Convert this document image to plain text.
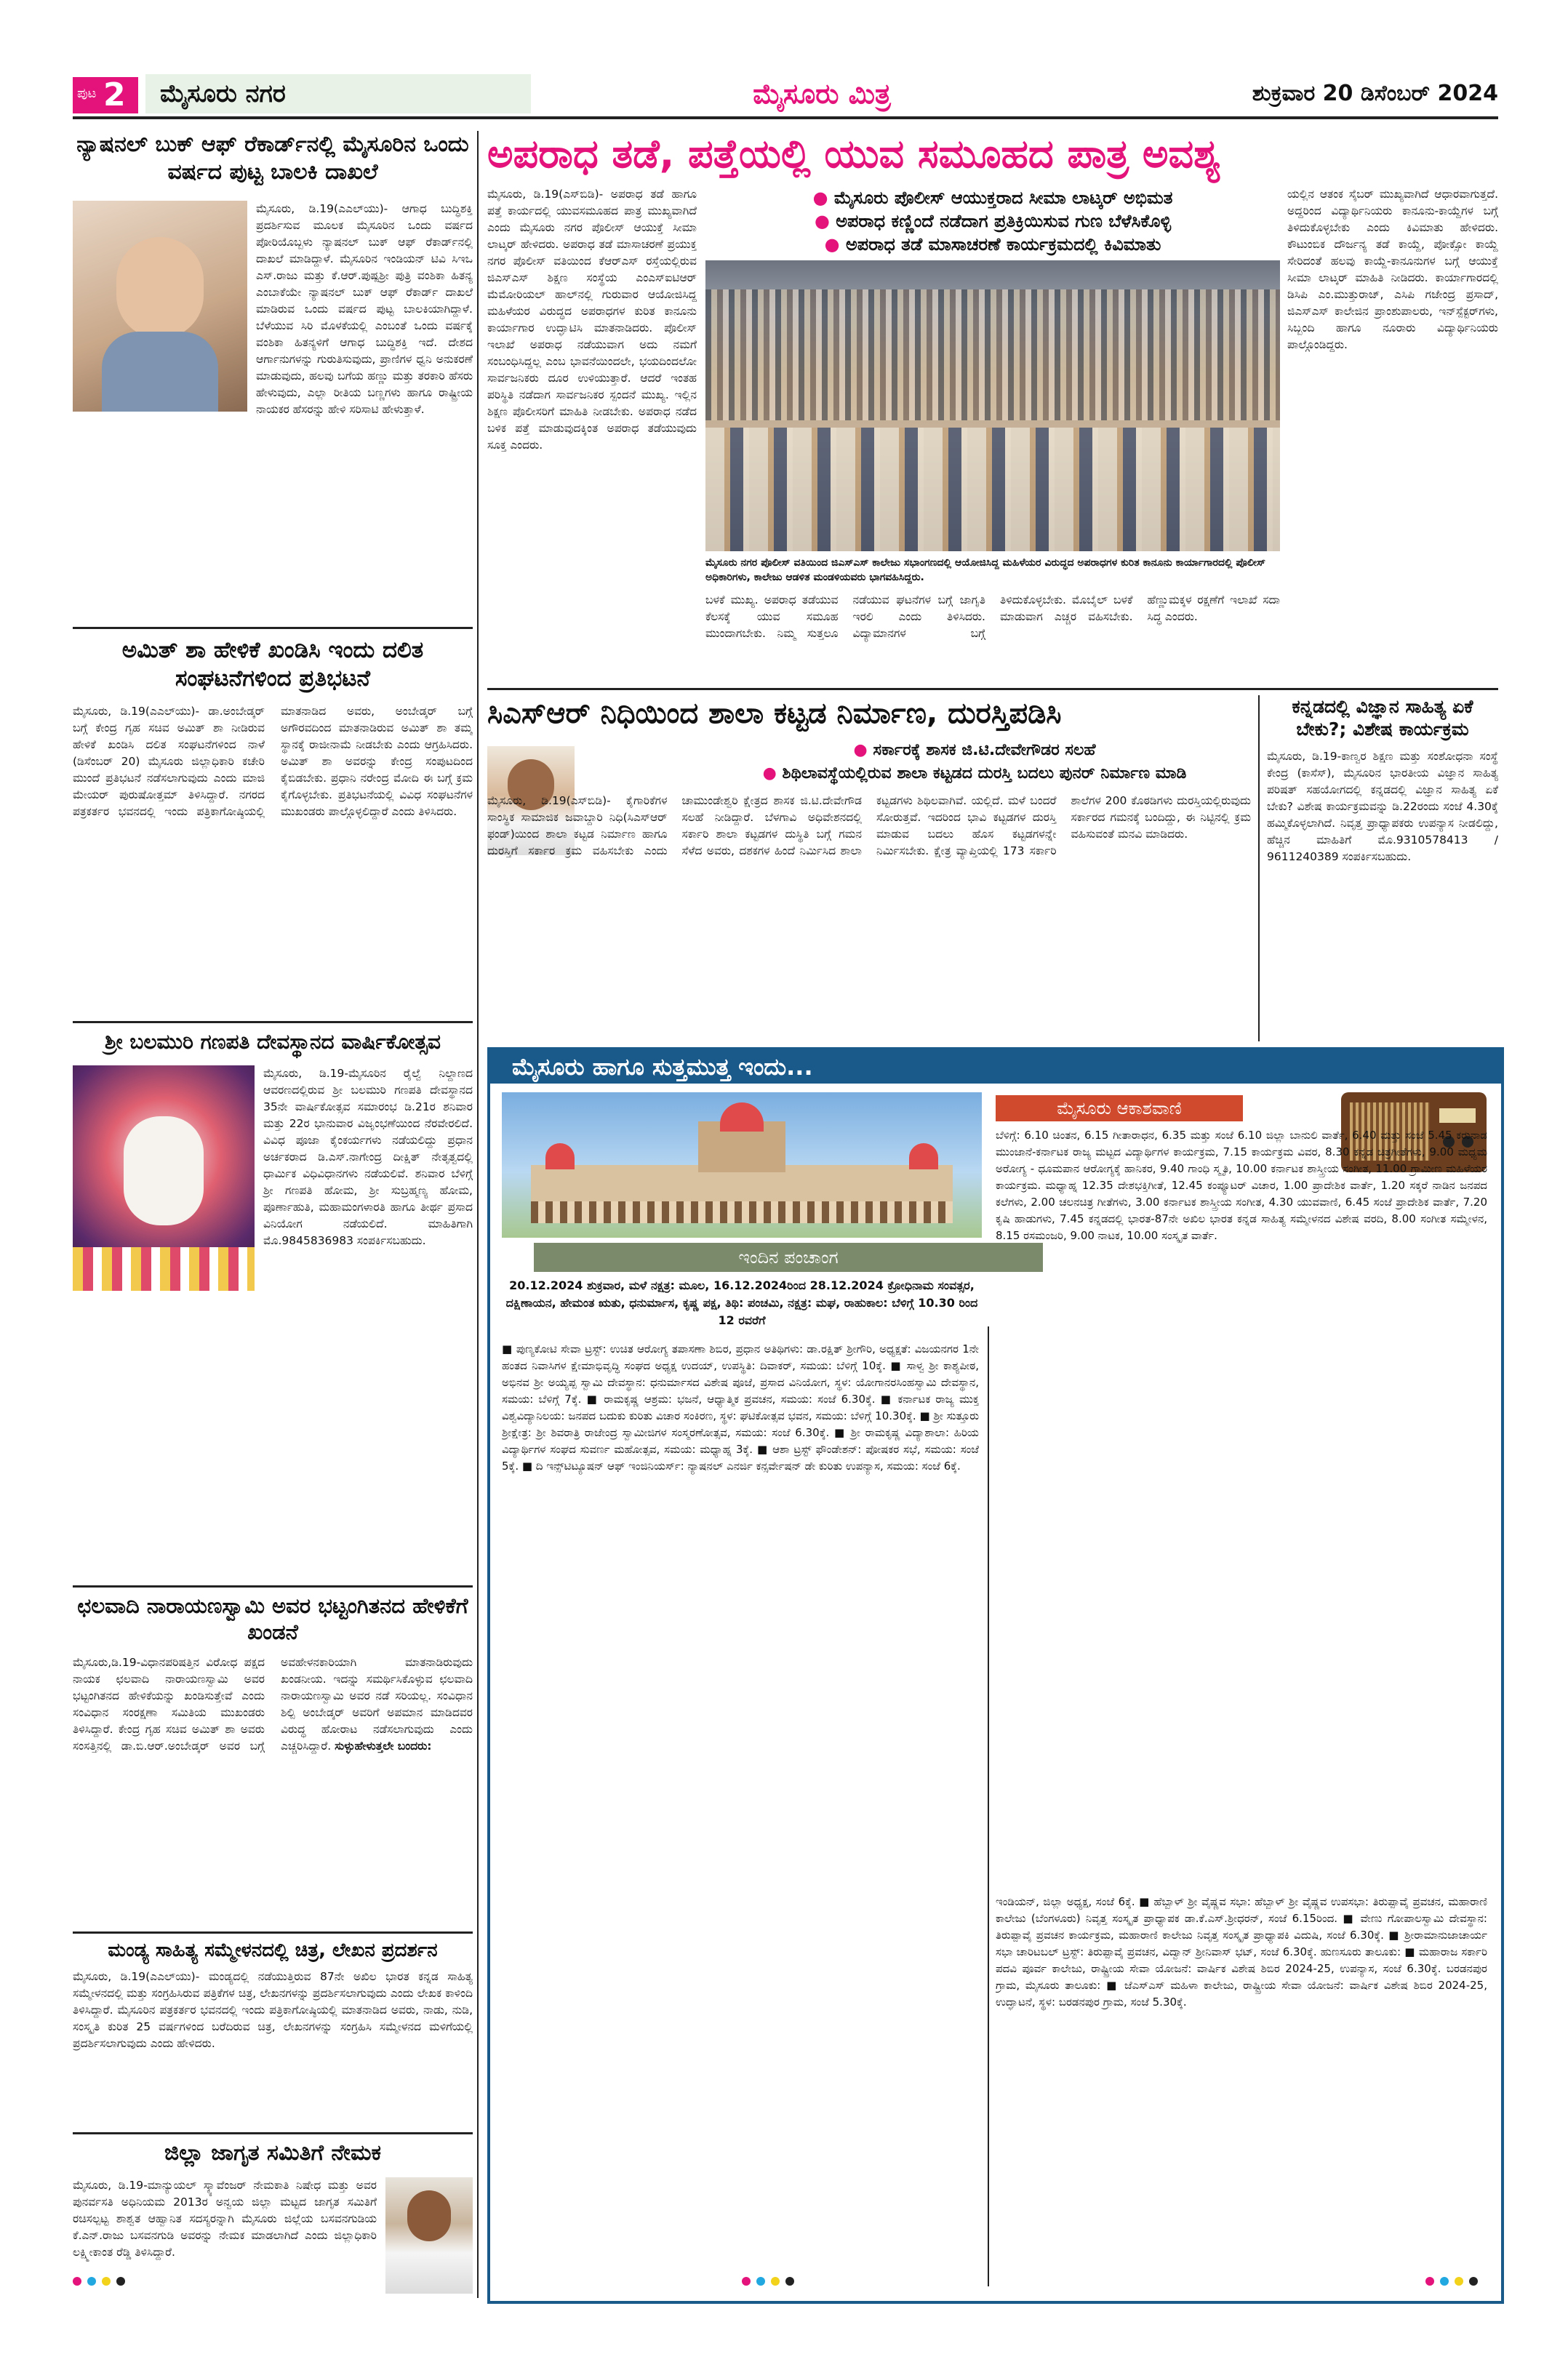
ಪುಟ 2	ಮೈಸೂರು ನಗರ	ಮೈಸೂರು ಮಿತ್ರ	ಶುಕ್ರವಾರ 20 ಡಿಸೆಂಬರ್ 2024

ನ್ಯಾಷನಲ್ ಬುಕ್ ಆಫ್ ರೆಕಾರ್ಡ್‌ನಲ್ಲಿ ಮೈಸೂರಿನ ಒಂದು ವರ್ಷದ ಪುಟ್ಟ ಬಾಲಕಿ ದಾಖಲೆ

ಮೈಸೂರು, ಡಿ.19(ಎಎಲ್‌ಯು)- ಆಗಾಧ ಬುದ್ಧಿಶಕ್ತಿ ಪ್ರದರ್ಶಿಸುವ ಮೂಲಕ ಮೈಸೂರಿನ ಒಂದು ವರ್ಷದ ಪೋರಿಯೊಬ್ಬಳು ನ್ಯಾಷನಲ್ ಬುಕ್ ಆಫ್ ರೆಕಾರ್ಡ್‌ನಲ್ಲಿ ದಾಖಲೆ ಮಾಡಿದ್ದಾಳೆ. ಮೈಸೂರಿನ ಇಂಡಿಯನ್ ಟಿವಿ ಸಿಇಒ ಎಸ್.ರಾಜು ಮತ್ತು ಕೆ.ಆರ್.ಪುಷ್ಪಶ್ರೀ ಪುತ್ರಿ ವಂಶಿಕಾ ಹಿತನ್ಯ ಎಂಬಾಕೆಯೇ ನ್ಯಾಷನಲ್ ಬುಕ್ ಆಫ್ ರೆಕಾರ್ಡ್ ದಾಖಲೆ ಮಾಡಿರುವ ಒಂದು ವರ್ಷದ ಪುಟ್ಟ ಬಾಲಕಿಯಾಗಿದ್ದಾಳೆ. ಬೆಳೆಯುವ ಸಿರಿ ಮೊಳಕೆಯಲ್ಲಿ ಎಂಬಂತೆ ಒಂದು ವರ್ಷಕ್ಕೆ ವಂಶಿಕಾ ಹಿತನ್ಯಳಿಗೆ ಆಗಾಧ ಬುದ್ಧಿಶಕ್ತಿ ಇದೆ. ದೇಶದ ಆರ್ಗಾನುಗಳನ್ನು ಗುರುತಿಸುವುದು, ಪ್ರಾಣಿಗಳ ಧ್ವನಿ ಅನುಕರಣೆ ಮಾಡುವುದು, ಹಲವು ಬಗೆಯ ಹಣ್ಣು ಮತ್ತು ತರಕಾರಿ ಹೆಸರು ಹೇಳುವುದು, ಎಲ್ಲಾ ರೀತಿಯ ಬಣ್ಣಗಳು ಹಾಗೂ ರಾಷ್ಟ್ರೀಯ ನಾಯಕರ ಹೆಸರನ್ನು ಹೇಳಿ ಸರಿಸಾಟಿ ಹೇಳುತ್ತಾಳೆ.

ಅಮಿತ್ ಶಾ ಹೇಳಿಕೆ ಖಂಡಿಸಿ ಇಂದು ದಲಿತ ಸಂಘಟನೆಗಳಿಂದ ಪ್ರತಿಭಟನೆ

ಮೈಸೂರು, ಡಿ.19(ಎಎಲ್‌ಯು)- ಡಾ.ಅಂಬೇಡ್ಕರ್ ಬಗ್ಗೆ ಕೇಂದ್ರ ಗೃಹ ಸಚಿವ ಅಮಿತ್ ಶಾ ನೀಡಿರುವ ಹೇಳಿಕೆ ಖಂಡಿಸಿ ದಲಿತ ಸಂಘಟನೆಗಳಿಂದ ನಾಳೆ (ಡಿಸೆಂಬರ್ 20) ಮೈಸೂರು ಜಿಲ್ಲಾಧಿಕಾರಿ ಕಚೇರಿ ಮುಂದೆ ಪ್ರತಿಭಟನೆ ನಡೆಸಲಾಗುವುದು ಎಂದು ಮಾಜಿ ಮೇಯರ್ ಪುರುಷೋತ್ತಮ್ ತಿಳಿಸಿದ್ದಾರೆ. ನಗರದ ಪತ್ರಕರ್ತರ ಭವನದಲ್ಲಿ ಇಂದು ಪತ್ರಿಕಾಗೋಷ್ಠಿಯಲ್ಲಿ ಮಾತನಾಡಿದ ಅವರು, ಅಂಬೇಡ್ಕರ್ ಬಗ್ಗೆ ಅಗೌರವದಿಂದ ಮಾತನಾಡಿರುವ ಅಮಿತ್ ಶಾ ತಮ್ಮ ಸ್ಥಾನಕ್ಕೆ ರಾಜೀನಾಮೆ ನೀಡಬೇಕು ಎಂದು ಆಗ್ರಹಿಸಿದರು. ಅಮಿತ್ ಶಾ ಅವರನ್ನು ಕೇಂದ್ರ ಸಂಪುಟದಿಂದ ಕೈಬಿಡಬೇಕು. ಪ್ರಧಾನಿ ನರೇಂದ್ರ ಮೋದಿ ಈ ಬಗ್ಗೆ ಕ್ರಮ ಕೈಗೊಳ್ಳಬೇಕು. ಪ್ರತಿಭಟನೆಯಲ್ಲಿ ವಿವಿಧ ಸಂಘಟನೆಗಳ ಮುಖಂಡರು ಪಾಲ್ಗೊಳ್ಳಲಿದ್ದಾರೆ ಎಂದು ತಿಳಿಸಿದರು.

ಶ್ರೀ ಬಲಮುರಿ ಗಣಪತಿ ದೇವಸ್ಥಾನದ ವಾರ್ಷಿಕೋತ್ಸವ

ಮೈಸೂರು, ಡಿ.19-ಮೈಸೂರಿನ ರೈಲ್ವೆ ನಿಲ್ದಾಣದ ಆವರಣದಲ್ಲಿರುವ ಶ್ರೀ ಬಲಮುರಿ ಗಣಪತಿ ದೇವಸ್ಥಾನದ 35ನೇ ವಾರ್ಷಿಕೋತ್ಸವ ಸಮಾರಂಭ ಡಿ.21ರ ಶನಿವಾರ ಮತ್ತು 22ರ ಭಾನುವಾರ ವಿಜೃಂಭಣೆಯಿಂದ ನೆರವೇರಲಿದೆ. ವಿವಿಧ ಪೂಜಾ ಕೈಂಕರ್ಯಗಳು ನಡೆಯಲಿದ್ದು ಪ್ರಧಾನ ಅರ್ಚಕರಾದ ಡಿ.ಎಸ್.ನಾಗೇಂದ್ರ ದೀಕ್ಷಿತ್ ನೇತೃತ್ವದಲ್ಲಿ ಧಾರ್ಮಿಕ ವಿಧಿವಿಧಾನಗಳು ನಡೆಯಲಿವೆ. ಶನಿವಾರ ಬೆಳಿಗ್ಗೆ ಶ್ರೀ ಗಣಪತಿ ಹೋಮ, ಶ್ರೀ ಸುಬ್ರಹ್ಮಣ್ಯ ಹೋಮ, ಪೂರ್ಣಾಹುತಿ, ಮಹಾಮಂಗಳಾರತಿ ಹಾಗೂ ತೀರ್ಥ ಪ್ರಸಾದ ವಿನಿಯೋಗ ನಡೆಯಲಿದೆ. ಮಾಹಿತಿಗಾಗಿ ಮೊ.9845836983 ಸಂಪರ್ಕಿಸಬಹುದು.

ಛಲವಾದಿ ನಾರಾಯಣಸ್ವಾಮಿ ಅವರ ಭಟ್ಟಂಗಿತನದ ಹೇಳಿಕೆಗೆ ಖಂಡನೆ

ಮೈಸೂರು,ಡಿ.19-ವಿಧಾನಪರಿಷತ್ತಿನ ವಿರೋಧ ಪಕ್ಷದ ನಾಯಕ ಛಲವಾದಿ ನಾರಾಯಣಸ್ವಾಮಿ ಅವರ ಭಟ್ಟಂಗಿತನದ ಹೇಳಿಕೆಯನ್ನು ಖಂಡಿಸುತ್ತೇವೆ ಎಂದು ಸಂವಿಧಾನ ಸಂರಕ್ಷಣಾ ಸಮಿತಿಯ ಮುಖಂಡರು ತಿಳಿಸಿದ್ದಾರೆ. ಕೇಂದ್ರ ಗೃಹ ಸಚಿವ ಅಮಿತ್ ಶಾ ಅವರು ಸಂಸತ್ತಿನಲ್ಲಿ ಡಾ.ಬಿ.ಆರ್.ಅಂಬೇಡ್ಕರ್ ಅವರ ಬಗ್ಗೆ ಅವಹೇಳನಕಾರಿಯಾಗಿ ಮಾತನಾಡಿರುವುದು ಖಂಡನೀಯ. ಇದನ್ನು ಸಮರ್ಥಿಸಿಕೊಳ್ಳುವ ಛಲವಾದಿ ನಾರಾಯಣಸ್ವಾಮಿ ಅವರ ನಡೆ ಸರಿಯಲ್ಲ. ಸಂವಿಧಾನ ಶಿಲ್ಪಿ ಅಂಬೇಡ್ಕರ್ ಅವರಿಗೆ ಅಪಮಾನ ಮಾಡಿದವರ ವಿರುದ್ಧ ಹೋರಾಟ ನಡೆಸಲಾಗುವುದು ಎಂದು ಎಚ್ಚರಿಸಿದ್ದಾರೆ. ಸುಳ್ಳುಹೇಳುತ್ತಲೇ ಬಂದರು:

ಮಂಡ್ಯ ಸಾಹಿತ್ಯ ಸಮ್ಮೇಳನದಲ್ಲಿ ಚಿತ್ರ, ಲೇಖನ ಪ್ರದರ್ಶನ

ಮೈಸೂರು, ಡಿ.19(ಎಎಲ್‌ಯು)- ಮಂಡ್ಯದಲ್ಲಿ ನಡೆಯುತ್ತಿರುವ 87ನೇ ಅಖಿಲ ಭಾರತ ಕನ್ನಡ ಸಾಹಿತ್ಯ ಸಮ್ಮೇಳನದಲ್ಲಿ ಮತ್ತು ಸಂಗ್ರಹಿಸಿರುವ ಪತ್ರಿಕೆಗಳ ಚಿತ್ರ, ಲೇಖನಗಳನ್ನು ಪ್ರದರ್ಶಿಸಲಾಗುವುದು ಎಂದು ಲೇಖಕ ಕಾಳಿಂದಿ ತಿಳಿಸಿದ್ದಾರೆ. ಮೈಸೂರಿನ ಪತ್ರಕರ್ತರ ಭವನದಲ್ಲಿ ಇಂದು ಪತ್ರಿಕಾಗೋಷ್ಠಿಯಲ್ಲಿ ಮಾತನಾಡಿದ ಅವರು, ನಾಡು, ನುಡಿ, ಸಂಸ್ಕೃತಿ ಕುರಿತ 25 ವರ್ಷಗಳಿಂದ ಬರೆದಿರುವ ಚಿತ್ರ, ಲೇಖನಗಳನ್ನು ಸಂಗ್ರಹಿಸಿ ಸಮ್ಮೇಳನದ ಮಳಿಗೆಯಲ್ಲಿ ಪ್ರದರ್ಶಿಸಲಾಗುವುದು ಎಂದು ಹೇಳಿದರು.

ಜಿಲ್ಲಾ ಜಾಗೃತ ಸಮಿತಿಗೆ ನೇಮಕ

ಮೈಸೂರು, ಡಿ.19-ಮಾನ್ಯುಯಲ್ ಸ್ಕ್ಯಾವೆಂಜರ್ ನೇಮಕಾತಿ ನಿಷೇಧ ಮತ್ತು ಅವರ ಪುನರ್ವಸತಿ ಅಧಿನಿಯಮ 2013ರ ಅನ್ವಯ ಜಿಲ್ಲಾ ಮಟ್ಟದ ಜಾಗೃತ ಸಮಿತಿಗೆ ರಚಿಸಲ್ಪಟ್ಟ ಶಾಶ್ವತ ಆಹ್ವಾನಿತ ಸದಸ್ಯರನ್ನಾಗಿ ಮೈಸೂರು ಜಿಲ್ಲೆಯ ಬಸವನಗುಡಿಯ ಕೆ.ಎನ್.ರಾಜು ಬಸವನಗುಡಿ ಅವರನ್ನು ನೇಮಕ ಮಾಡಲಾಗಿದೆ ಎಂದು ಜಿಲ್ಲಾಧಿಕಾರಿ ಲಕ್ಷ್ಮೀಕಾಂತ ರೆಡ್ಡಿ ತಿಳಿಸಿದ್ದಾರೆ.

ಅಪರಾಧ ತಡೆ, ಪತ್ತೆಯಲ್ಲಿ ಯುವ ಸಮೂಹದ ಪಾತ್ರ ಅವಶ್ಯ

● ಮೈಸೂರು ಪೊಲೀಸ್ ಆಯುಕ್ತರಾದ ಸೀಮಾ ಲಾಟ್ಕರ್ ಅಭಿಮತ

● ಅಪರಾಧ ಕಣ್ಣಿಂದೆ ನಡೆದಾಗ ಪ್ರತಿಕ್ರಿಯಿಸುವ ಗುಣ ಬೆಳೆಸಿಕೊಳ್ಳಿ

● ಅಪರಾಧ ತಡೆ ಮಾಸಾಚರಣೆ ಕಾರ್ಯಕ್ರಮದಲ್ಲಿ ಕಿವಿಮಾತು

ಮೈಸೂರು, ಡಿ.19(ಎಸ್‌ಬಿಡಿ)- ಅಪರಾಧ ತಡೆ ಹಾಗೂ ಪತ್ತೆ ಕಾರ್ಯದಲ್ಲಿ ಯುವಸಮೂಹದ ಪಾತ್ರ ಮುಖ್ಯವಾಗಿದೆ ಎಂದು ಮೈಸೂರು ನಗರ ಪೊಲೀಸ್ ಆಯುಕ್ತೆ ಸೀಮಾ ಲಾಟ್ಕರ್ ಹೇಳಿದರು. ಅಪರಾಧ ತಡೆ ಮಾಸಾಚರಣೆ ಪ್ರಯುಕ್ತ ನಗರ ಪೊಲೀಸ್ ವತಿಯಿಂದ ಕೆಆರ್‌ಎಸ್ ರಸ್ತೆಯಲ್ಲಿರುವ ಜಿಎಸ್‌ಎಸ್ ಶಿಕ್ಷಣ ಸಂಸ್ಥೆಯ ಎಂಎಸ್‌ಐಟಿಆರ್ ಮೆಮೋರಿಯಲ್ ಹಾಲ್‌ನಲ್ಲಿ ಗುರುವಾರ ಆಯೋಜಿಸಿದ್ದ ಮಹಿಳೆಯರ ವಿರುದ್ಧದ ಅಪರಾಧಗಳ ಕುರಿತ ಕಾನೂನು ಕಾರ್ಯಾಗಾರ ಉದ್ಘಾಟಿಸಿ ಮಾತನಾಡಿದರು. ಪೊಲೀಸ್ ಇಲಾಖೆ ಅಪರಾಧ ನಡೆಯುವಾಗ ಅದು ನಮಗೆ ಸಂಬಂಧಿಸಿದ್ದಲ್ಲ ಎಂಬ ಭಾವನೆಯಿಂದಲೇ, ಭಯದಿಂದಲೋ ಸಾರ್ವಜನಿಕರು ದೂರ ಉಳಿಯುತ್ತಾರೆ. ಆದರೆ ಇಂತಹ ಪರಿಸ್ಥಿತಿ ನಡೆದಾಗ ಸಾರ್ವಜನಿಕರ ಸ್ಪಂದನೆ ಮುಖ್ಯ. ಇಲ್ಲಿನ ಶಿಕ್ಷಣ ಪೊಲೀಸರಿಗೆ ಮಾಹಿತಿ ನೀಡಬೇಕು. ಅಪರಾಧ ನಡೆದ ಬಳಿಕ ಪತ್ತೆ ಮಾಡುವುದಕ್ಕಿಂತ ಅಪರಾಧ ತಡೆಯುವುದು ಸೂಕ್ತ ಎಂದರು.

ಯಲ್ಲಿನ ಆತಂಕ ಸೈಬರ್ ಮುಖ್ಯವಾಗಿದೆ ಆಧಾರವಾಗುತ್ತದೆ. ಅದ್ದರಿಂದ ವಿದ್ಯಾರ್ಥಿನಿಯರು ಕಾನೂನು-ಕಾಯ್ದೆಗಳ ಬಗ್ಗೆ ತಿಳಿದುಕೊಳ್ಳಬೇಕು ಎಂದು ಕಿವಿಮಾತು ಹೇಳಿದರು. ಕೌಟುಂಬಿಕ ದೌರ್ಜನ್ಯ ತಡೆ ಕಾಯ್ದೆ, ಪೋಕ್ಸೋ ಕಾಯ್ದೆ ಸೇರಿದಂತೆ ಹಲವು ಕಾಯ್ದೆ-ಕಾನೂನುಗಳ ಬಗ್ಗೆ ಆಯುಕ್ತೆ ಸೀಮಾ ಲಾಟ್ಕರ್ ಮಾಹಿತಿ ನೀಡಿದರು. ಕಾರ್ಯಾಗಾರದಲ್ಲಿ ಡಿಸಿಪಿ ಎಂ.ಮುತ್ತುರಾಜ್, ಎಸಿಪಿ ಗಜೇಂದ್ರ ಪ್ರಸಾದ್, ಜಿಎಸ್‌ಎಸ್ ಕಾಲೇಜಿನ ಪ್ರಾಂಶುಪಾಲರು, ಇನ್‌ಸ್ಪೆಕ್ಟರ್‌ಗಳು, ಸಿಬ್ಬಂದಿ ಹಾಗೂ ನೂರಾರು ವಿದ್ಯಾರ್ಥಿನಿಯರು ಪಾಲ್ಗೊಂಡಿದ್ದರು.

ಮೈಸೂರು ನಗರ ಪೊಲೀಸ್ ವತಿಯಿಂದ ಜಿಎಸ್‌ಎಸ್ ಕಾಲೇಜು ಸಭಾಂಗಣದಲ್ಲಿ ಆಯೋಜಿಸಿದ್ದ ಮಹಿಳೆಯರ ವಿರುದ್ಧದ ಅಪರಾಧಗಳ ಕುರಿತ ಕಾನೂನು ಕಾರ್ಯಾಗಾರದಲ್ಲಿ ಪೊಲೀಸ್ ಅಧಿಕಾರಿಗಳು, ಕಾಲೇಜು ಆಡಳಿತ ಮಂಡಳಿಯವರು ಭಾಗವಹಿಸಿದ್ದರು.

ಬಳಕೆ ಮುಖ್ಯ. ಅಪರಾಧ ತಡೆಯುವ ಕೆಲಸಕ್ಕೆ ಯುವ ಸಮೂಹ ಮುಂದಾಗಬೇಕು. ನಿಮ್ಮ ಸುತ್ತಲೂ ನಡೆಯುವ ಘಟನೆಗಳ ಬಗ್ಗೆ ಜಾಗೃತಿ ಇರಲಿ ಎಂದು ತಿಳಿಸಿದರು. ವಿದ್ಯಾಮಾನಗಳ ಬಗ್ಗೆ ತಿಳಿದುಕೊಳ್ಳಬೇಕು. ಮೊಬೈಲ್ ಬಳಕೆ ಮಾಡುವಾಗ ಎಚ್ಚರ ವಹಿಸಬೇಕು. ಹೆಣ್ಣುಮಕ್ಕಳ ರಕ್ಷಣೆಗೆ ಇಲಾಖೆ ಸದಾ ಸಿದ್ಧ ಎಂದರು.

ಸಿಎಸ್‌ಆರ್ ನಿಧಿಯಿಂದ ಶಾಲಾ ಕಟ್ಟಡ ನಿರ್ಮಾಣ, ದುರಸ್ತಿಪಡಿಸಿ

● ಸರ್ಕಾರಕ್ಕೆ ಶಾಸಕ ಜಿ.ಟಿ.ದೇವೇಗೌಡರ ಸಲಹೆ

● ಶಿಥಿಲಾವಸ್ಥೆಯಲ್ಲಿರುವ ಶಾಲಾ ಕಟ್ಟಡದ ದುರಸ್ತಿ ಬದಲು ಪುನರ್ ನಿರ್ಮಾಣ ಮಾಡಿ

ಮೈಸೂರು, ಡಿ.19(ಎಸ್‌ಬಿಡಿ)- ಕೈಗಾರಿಕೆಗಳ ಸಾಂಸ್ಥಿಕ ಸಾಮಾಜಿಕ ಜವಾಬ್ದಾರಿ ನಿಧಿ(ಸಿಎಸ್‌ಆರ್ ಫಂಡ್)ಯಿಂದ ಶಾಲಾ ಕಟ್ಟಡ ನಿರ್ಮಾಣ ಹಾಗೂ ದುರಸ್ತಿಗೆ ಸರ್ಕಾರ ಕ್ರಮ ವಹಿಸಬೇಕು ಎಂದು ಚಾಮುಂಡೇಶ್ವರಿ ಕ್ಷೇತ್ರದ ಶಾಸಕ ಜಿ.ಟಿ.ದೇವೇಗೌಡ ಸಲಹೆ ನೀಡಿದ್ದಾರೆ. ಬೆಳಗಾವಿ ಅಧಿವೇಶನದಲ್ಲಿ ಸರ್ಕಾರಿ ಶಾಲಾ ಕಟ್ಟಡಗಳ ದುಸ್ಥಿತಿ ಬಗ್ಗೆ ಗಮನ ಸೆಳೆದ ಅವರು, ದಶಕಗಳ ಹಿಂದೆ ನಿರ್ಮಿಸಿದ ಶಾಲಾ ಕಟ್ಟಡಗಳು ಶಿಥಿಲವಾಗಿವೆ. ಯಲ್ಲಿದೆ. ಮಳೆ ಬಂದರೆ ಸೋರುತ್ತವೆ. ಇದರಿಂದ ಭಾವಿ ಕಟ್ಟಡಗಳ ದುರಸ್ತಿ ಮಾಡುವ ಬದಲು ಹೊಸ ಕಟ್ಟಡಗಳನ್ನೇ ನಿರ್ಮಿಸಬೇಕು. ಕ್ಷೇತ್ರ ವ್ಯಾಪ್ತಿಯಲ್ಲಿ 173 ಸರ್ಕಾರಿ ಶಾಲೆಗಳ 200 ಕೊಠಡಿಗಳು ದುರಸ್ತಿಯಲ್ಲಿರುವುದು ಸರ್ಕಾರದ ಗಮನಕ್ಕೆ ಬಂದಿದ್ದು, ಈ ನಿಟ್ಟಿನಲ್ಲಿ ಕ್ರಮ ವಹಿಸುವಂತೆ ಮನವಿ ಮಾಡಿದರು.

ಕನ್ನಡದಲ್ಲಿ ವಿಜ್ಞಾನ ಸಾಹಿತ್ಯ ಏಕೆ ಬೇಕು?; ವಿಶೇಷ ಕಾರ್ಯಕ್ರಮ

ಮೈಸೂರು, ಡಿ.19-ಕಾಣ್ವರ ಶಿಕ್ಷಣ ಮತ್ತು ಸಂಶೋಧನಾ ಸಂಸ್ಥೆ ಕೇಂದ್ರ (ಕಾಸೆಸ್), ಮೈಸೂರಿನ ಭಾರತೀಯ ವಿಜ್ಞಾನ ಸಾಹಿತ್ಯ ಪರಿಷತ್ ಸಹಯೋಗದಲ್ಲಿ ಕನ್ನಡದಲ್ಲಿ ವಿಜ್ಞಾನ ಸಾಹಿತ್ಯ ಏಕೆ ಬೇಕು? ವಿಶೇಷ ಕಾರ್ಯಕ್ರಮವನ್ನು ಡಿ.22ರಂದು ಸಂಜೆ 4.30ಕ್ಕೆ ಹಮ್ಮಿಕೊಳ್ಳಲಾಗಿದೆ. ನಿವೃತ್ತ ಪ್ರಾಧ್ಯಾಪಕರು ಉಪನ್ಯಾಸ ನೀಡಲಿದ್ದು, ಹೆಚ್ಚಿನ ಮಾಹಿತಿಗೆ ಮೊ.9310578413 / 9611240389 ಸಂಪರ್ಕಿಸಬಹುದು.

ಮೈಸೂರು ಹಾಗೂ ಸುತ್ತಮುತ್ತ ಇಂದು...
ಇಂದಿನ ಪಂಚಾಂಗ

20.12.2024 ಶುಕ್ರವಾರ, ಮಳೆ ನಕ್ಷತ್ರ: ಮೂಲ, 16.12.2024ರಿಂದ 28.12.2024 ಕ್ರೋಧಿನಾಮ ಸಂವತ್ಸರ, ದಕ್ಷಿಣಾಯನ, ಹೇಮಂತ ಋತು, ಧನುರ್ಮಾಸ, ಕೃಷ್ಣ ಪಕ್ಷ, ತಿಥಿ: ಪಂಚಮಿ, ನಕ್ಷತ್ರ: ಮಘ, ರಾಹುಕಾಲ: ಬೆಳಿಗ್ಗೆ 10.30 ರಿಂದ 12 ರವರೆಗೆ

ಮೈಸೂರು ಆಕಾಶವಾಣಿ

ಬೆಳಿಗ್ಗೆ: 6.10 ಚಿಂತನ, 6.15 ಗೀತಾರಾಧನ, 6.35 ಮತ್ತು ಸಂಜೆ 6.10 ಜಿಲ್ಲಾ ಬಾನುಲಿ ವಾರ್ತೆ, 6.40 ಮತ್ತು ಸಂಜೆ 5.45 ಕರುನಾಡ ಮುಂಜಾನೆ-ಕರ್ನಾಟಕ ರಾಜ್ಯ ಮಟ್ಟದ ವಿದ್ಯಾರ್ಥಿಗಳ ಕಾರ್ಯಕ್ರಮ, 7.15 ಕಾರ್ಯಕ್ರಮ ವಿವರ, 8.30 ಕನ್ನಡ ಚಿತ್ರಗೀತೆಗಳು, 9.00 ಮಧ್ಯಮ ಅರೋಗ್ಯ - ಧೂಮಪಾನ ಆರೋಗ್ಯಕ್ಕೆ ಹಾನಿಕರ, 9.40 ಗಾಂಧಿ ಸ್ಮೃತಿ, 10.00 ಕರ್ನಾಟಕ ಶಾಸ್ತ್ರೀಯ ಸಂಗೀತ, 11.00 ಗ್ರಾಮೀಣ ಮಹಿಳೆಯರ ಕಾರ್ಯಕ್ರಮ. ಮಧ್ಯಾಹ್ನ 12.35 ದೇಶಭಕ್ತಿಗೀತೆ, 12.45 ಕಂಪ್ಯೂಟರ್ ವಿಚಾರ, 1.00 ಪ್ರಾದೇಶಿಕ ವಾರ್ತೆ, 1.20 ಸಕ್ಕರೆ ನಾಡಿನ ಜನಪದ ಕಲೆಗಳು, 2.00 ಚಲನಚಿತ್ರ ಗೀತೆಗಳು, 3.00 ಕರ್ನಾಟಕ ಶಾಸ್ತ್ರೀಯ ಸಂಗೀತ, 4.30 ಯುವವಾಣಿ, 6.45 ಸಂಜೆ ಪ್ರಾದೇಶಿಕ ವಾರ್ತೆ, 7.20 ಕೃಷಿ ಹಾಡುಗಳು, 7.45 ಕನ್ನಡದಲ್ಲಿ ಭಾರತ-87ನೇ ಅಖಿಲ ಭಾರತ ಕನ್ನಡ ಸಾಹಿತ್ಯ ಸಮ್ಮೇಳನದ ವಿಶೇಷ ವರದಿ, 8.00 ಸಂಗೀತ ಸಮ್ಮೇಳನ, 8.15 ರಸಮಂಜರಿ, 9.00 ನಾಟಕ, 10.00 ಸಂಸ್ಕೃತ ವಾರ್ತೆ.

■ ಪುಣ್ಯಕೋಟಿ ಸೇವಾ ಟ್ರಸ್ಟ್: ಉಚಿತ ಆರೋಗ್ಯ ತಪಾಸಣಾ ಶಿಬಿರ, ಪ್ರಧಾನ ಅತಿಥಿಗಳು: ಡಾ.ರಕ್ಷಿತ್ ಶ್ರೀಗೌರಿ, ಅಧ್ಯಕ್ಷತೆ: ವಿಜಯನಗರ 1ನೇ ಹಂತದ ನಿವಾಸಿಗಳ ಕ್ಷೇಮಾಭಿವೃದ್ಧಿ ಸಂಘದ ಅಧ್ಯಕ್ಷ ಉದಯ್, ಉಪಸ್ಥಿತಿ: ದಿವಾಕರ್, ಸಮಯ: ಬೆಳಿಗ್ಗೆ 10ಕ್ಕೆ. ■ ಸಾಳ್ವ ಶ್ರೀ ಕಾಶ್ಯಪೀಠ, ಅಭಿನವ ಶ್ರೀ ಅಯ್ಯಪ್ಪ ಸ್ವಾಮಿ ದೇವಸ್ಥಾನ: ಧನುರ್ಮಾಸದ ವಿಶೇಷ ಪೂಜೆ, ಪ್ರಸಾದ ವಿನಿಯೋಗ, ಸ್ಥಳ: ಯೋಗಾನರಸಿಂಹಸ್ವಾಮಿ ದೇವಸ್ಥಾನ, ಸಮಯ: ಬೆಳಿಗ್ಗೆ 7ಕ್ಕೆ. ■ ರಾಮಕೃಷ್ಣ ಆಶ್ರಮ: ಭಜನೆ, ಆಧ್ಯಾತ್ಮಿಕ ಪ್ರವಚನ, ಸಮಯ: ಸಂಜೆ 6.30ಕ್ಕೆ. ■ ಕರ್ನಾಟಕ ರಾಜ್ಯ ಮುಕ್ತ ವಿಶ್ವವಿದ್ಯಾನಿಲಯ: ಜನಪದ ಬದುಕು ಕುರಿತು ವಿಚಾರ ಸಂಕಿರಣ, ಸ್ಥಳ: ಘಟಿಕೋತ್ಸವ ಭವನ, ಸಮಯ: ಬೆಳಿಗ್ಗೆ 10.30ಕ್ಕೆ. ■ ಶ್ರೀ ಸುತ್ತೂರು ಶ್ರೀಕ್ಷೇತ್ರ: ಶ್ರೀ ಶಿವರಾತ್ರಿ ರಾಜೇಂದ್ರ ಸ್ವಾಮೀಜಿಗಳ ಸಂಸ್ಮರಣೋತ್ಸವ, ಸಮಯ: ಸಂಜೆ 6.30ಕ್ಕೆ. ■ ಶ್ರೀ ರಾಮಕೃಷ್ಣ ವಿದ್ಯಾಶಾಲಾ: ಹಿರಿಯ ವಿದ್ಯಾರ್ಥಿಗಳ ಸಂಘದ ಸುವರ್ಣ ಮಹೋತ್ಸವ, ಸಮಯ: ಮಧ್ಯಾಹ್ನ 3ಕ್ಕೆ. ■ ಆಶಾ ಟ್ರಸ್ಟ್ ಫೌಂಡೇಶನ್: ಪೋಷಕರ ಸಭೆ, ಸಮಯ: ಸಂಜೆ 5ಕ್ಕೆ. ■ ದಿ ಇನ್ಸ್‌ಟಿಟ್ಯೂಷನ್ ಆಫ್ ಇಂಜಿನಿಯರ್ಸ್: ನ್ಯಾಷನಲ್ ಎನರ್ಜಿ ಕನ್ಸರ್ವೇಷನ್ ಡೇ ಕುರಿತು ಉಪನ್ಯಾಸ, ಸಮಯ: ಸಂಜೆ 6ಕ್ಕೆ.

ಇಂಡಿಯನ್, ಜಿಲ್ಲಾ ಅಧ್ಯಕ್ಷ, ಸಂಜೆ 6ಕ್ಕೆ. ■ ಹೆಬ್ಬಾಳ್ ಶ್ರೀ ವೈಷ್ಣವ ಸಭಾ: ಹೆಬ್ಬಾಳ್ ಶ್ರೀ ವೈಷ್ಣವ ಉಪಸಭಾ: ತಿರುಪ್ಪಾವೈ ಪ್ರವಚನ, ಮಹಾರಾಣಿ ಕಾಲೇಜು (ಬೆಂಗಳೂರು) ನಿವೃತ್ತ ಸಂಸ್ಕೃತ ಪ್ರಾಧ್ಯಾಪಕ ಡಾ.ಕೆ.ಎಸ್.ಶ್ರೀಧರನ್, ಸಂಜೆ 6.15ರಿಂದ. ■ ವೇಣು ಗೋಪಾಲಸ್ವಾಮಿ ದೇವಸ್ಥಾನ: ತಿರುಪ್ಪಾವೈ ಪ್ರವಚನ ಕಾರ್ಯಕ್ರಮ, ಮಹಾರಾಣಿ ಕಾಲೇಜು ನಿವೃತ್ತ ಸಂಸ್ಕೃತ ಪ್ರಾಧ್ಯಾಪಕಿ ವಿದುಷಿ, ಸಂಜೆ 6.30ಕ್ಕೆ. ■ ಶ್ರೀರಾಮಾನುಜಾಚಾರ್ಯ ಸಭಾ ಚಾರಿಟಬಲ್ ಟ್ರಸ್ಟ್: ತಿರುಪ್ಪಾವೈ ಪ್ರವಚನ, ವಿದ್ವಾನ್ ಶ್ರೀನಿವಾಸ್ ಭಟ್, ಸಂಜೆ 6.30ಕ್ಕೆ. ಹುಣಸೂರು ತಾಲೂಕು: ■ ಮಹಾರಾಜ ಸರ್ಕಾರಿ ಪದವಿ ಪೂರ್ವ ಕಾಲೇಜು, ರಾಷ್ಟ್ರೀಯ ಸೇವಾ ಯೋಜನೆ: ವಾರ್ಷಿಕ ವಿಶೇಷ ಶಿಬಿರ 2024-25, ಉಪನ್ಯಾಸ, ಸಂಜೆ 6.30ಕ್ಕೆ. ಬರಡನಪುರ ಗ್ರಾಮ, ಮೈಸೂರು ತಾಲೂಕು: ■ ಜೆಎಸ್‌ಎಸ್ ಮಹಿಳಾ ಕಾಲೇಜು, ರಾಷ್ಟ್ರೀಯ ಸೇವಾ ಯೋಜನೆ: ವಾರ್ಷಿಕ ವಿಶೇಷ ಶಿಬಿರ 2024-25, ಉದ್ಘಾಟನೆ, ಸ್ಥಳ: ಬರಡನಪುರ ಗ್ರಾಮ, ಸಂಜೆ 5.30ಕ್ಕೆ.
